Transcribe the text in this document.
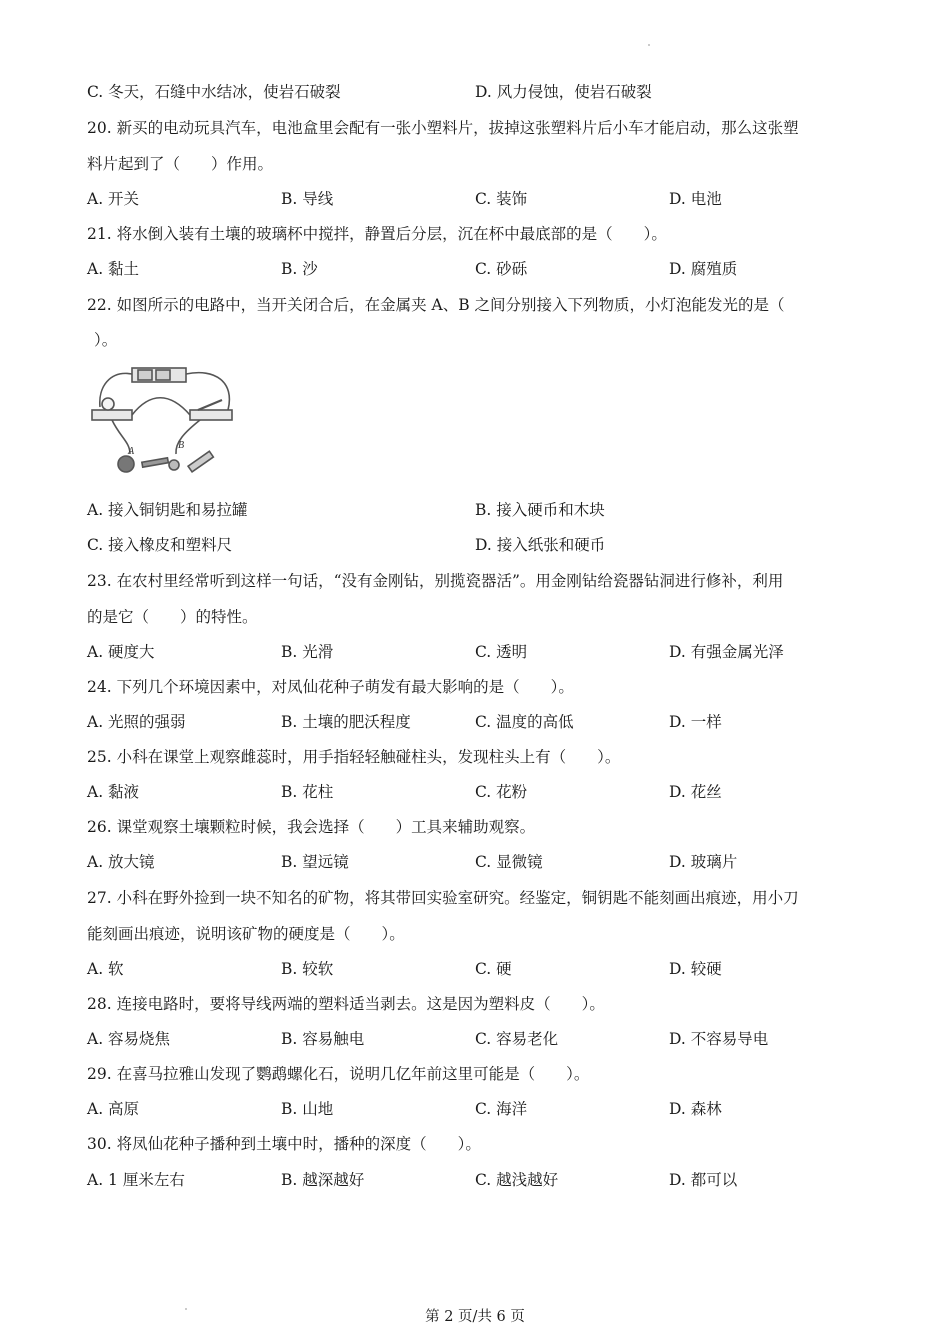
C. 冬天，石缝中水结冰，使岩石破裂	D. 风力侵蚀，使岩石破裂
20. 新买的电动玩具汽车，电池盒里会配有一张小塑料片，拔掉这张塑料片后小车才能启动，那么这张塑
料片起到了（　　）作用。
A. 开关	B. 导线	C. 装饰	D. 电池
21. 将水倒入装有土壤的玻璃杯中搅拌，静置后分层，沉在杯中最底部的是（　　）。
A. 黏土	B. 沙	C. 砂砾	D. 腐殖质
22. 如图所示的电路中，当开关闭合后，在金属夹 A、B 之间分别接入下列物质，小灯泡能发光的是（
）。
A
B
A. 接入铜钥匙和易拉罐	B. 接入硬币和木块
C. 接入橡皮和塑料尺	D. 接入纸张和硬币
23. 在农村里经常听到这样一句话，“没有金刚钻，别揽瓷器活”。用金刚钻给瓷器钻洞进行修补，利用
的是它（　　）的特性。
A. 硬度大	B. 光滑	C. 透明	D. 有强金属光泽
24. 下列几个环境因素中，对凤仙花种子萌发有最大影响的是（　　）。
A. 光照的强弱	B. 土壤的肥沃程度	C. 温度的高低	D. 一样
25. 小科在课堂上观察雌蕊时，用手指轻轻触碰柱头，发现柱头上有（　　）。
A. 黏液	B. 花柱	C. 花粉	D. 花丝
26. 课堂观察土壤颗粒时候，我会选择（　　）工具来辅助观察。
A. 放大镜	B. 望远镜	C. 显微镜	D. 玻璃片
27. 小科在野外捡到一块不知名的矿物，将其带回实验室研究。经鉴定，铜钥匙不能刻画出痕迹，用小刀
能刻画出痕迹，说明该矿物的硬度是（　　）。
A. 软	B. 较软	C. 硬	D. 较硬
28. 连接电路时，要将导线两端的塑料适当剥去。这是因为塑料皮（　　）。
A. 容易烧焦	B. 容易触电	C. 容易老化	D. 不容易导电
29. 在喜马拉雅山发现了鹦鹉螺化石，说明几亿年前这里可能是（　　）。
A. 高原	B. 山地	C. 海洋	D. 森林
30. 将凤仙花种子播种到土壤中时，播种的深度（　　）。
A. 1 厘米左右	B. 越深越好	C. 越浅越好	D. 都可以
第 2 页/共 6 页
